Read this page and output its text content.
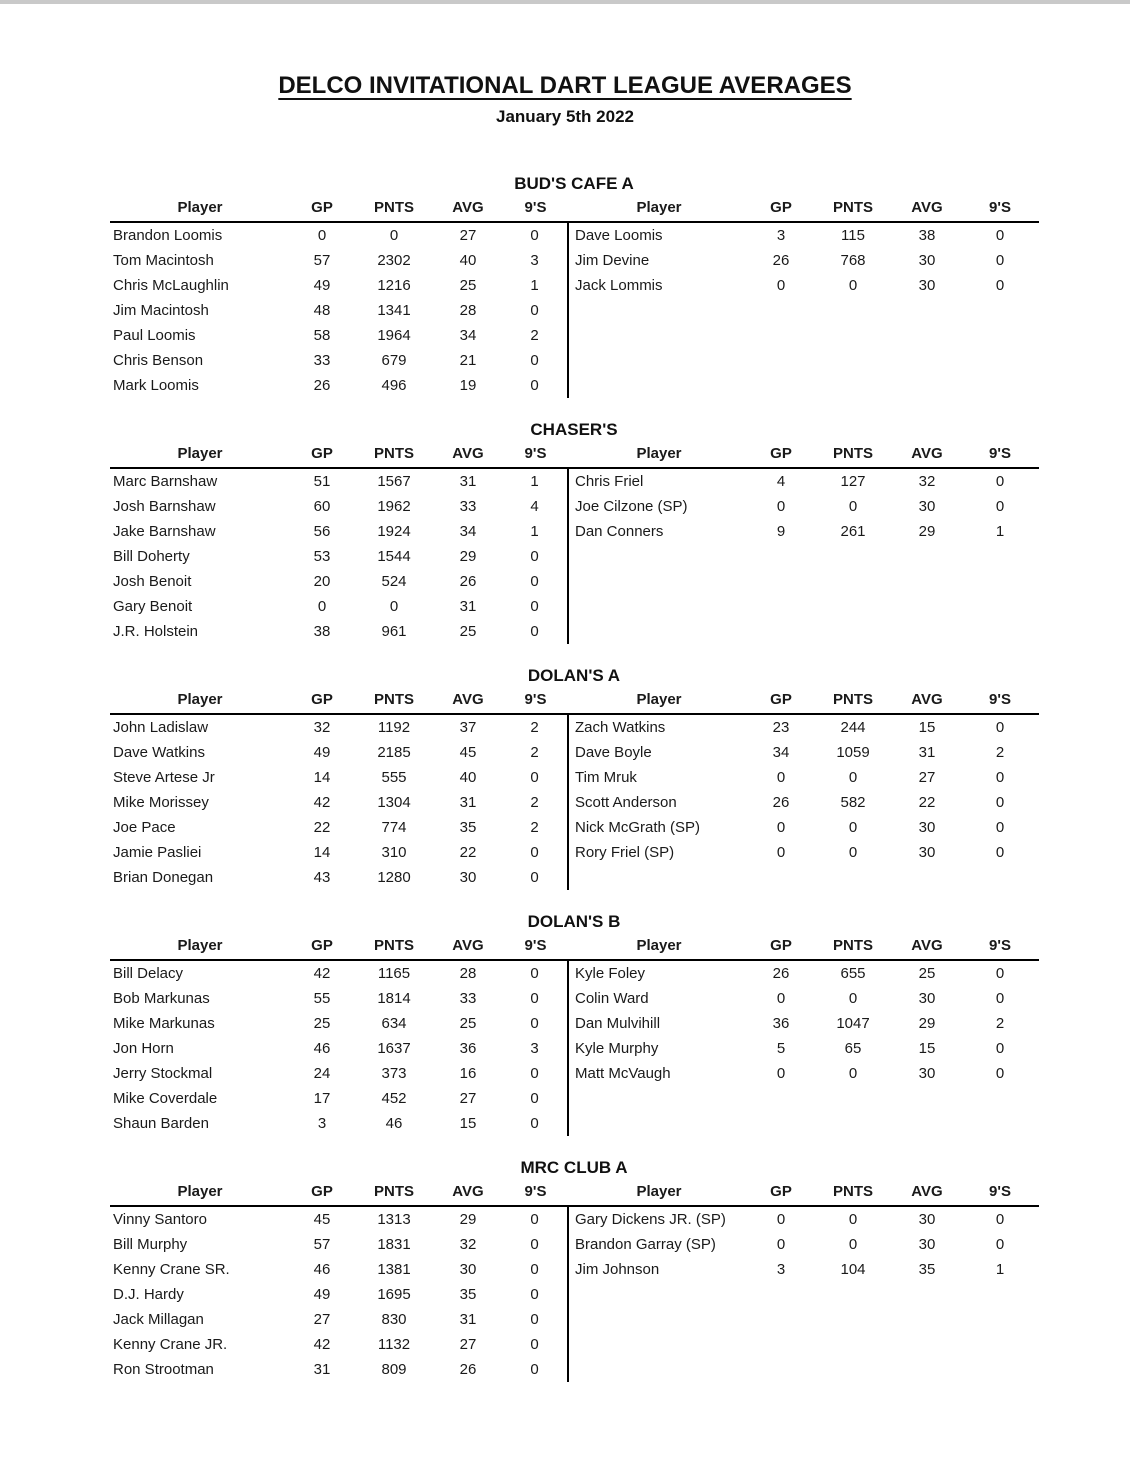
DELCO INVITATIONAL DART LEAGUE AVERAGES
January 5th 2022
BUD'S CAFE A
Player	GP	PNTS	AVG	9'S
Brandon Loomis	0	0	27	0
Tom Macintosh	57	2302	40	3
Chris McLaughlin	49	1216	25	1
Jim Macintosh	48	1341	28	0
Paul Loomis	58	1964	34	2
Chris Benson	33	679	21	0
Mark Loomis	26	496	19	0
Player	GP	PNTS	AVG	9'S
Dave Loomis	3	115	38	0
Jim Devine	26	768	30	0
Jack Lommis	0	0	30	0
CHASER'S
Player	GP	PNTS	AVG	9'S
Marc Barnshaw	51	1567	31	1
Josh Barnshaw	60	1962	33	4
Jake Barnshaw	56	1924	34	1
Bill Doherty	53	1544	29	0
Josh Benoit	20	524	26	0
Gary Benoit	0	0	31	0
J.R. Holstein	38	961	25	0
Player	GP	PNTS	AVG	9'S
Chris Friel	4	127	32	0
Joe Cilzone (SP)	0	0	30	0
Dan Conners	9	261	29	1
DOLAN'S A
Player	GP	PNTS	AVG	9'S
John Ladislaw	32	1192	37	2
Dave Watkins	49	2185	45	2
Steve Artese Jr	14	555	40	0
Mike Morissey	42	1304	31	2
Joe Pace	22	774	35	2
Jamie Pasliei	14	310	22	0
Brian Donegan	43	1280	30	0
Player	GP	PNTS	AVG	9'S
Zach Watkins	23	244	15	0
Dave Boyle	34	1059	31	2
Tim Mruk	0	0	27	0
Scott Anderson	26	582	22	0
Nick McGrath (SP)	0	0	30	0
Rory Friel (SP)	0	0	30	0
DOLAN'S B
Player	GP	PNTS	AVG	9'S
Bill Delacy	42	1165	28	0
Bob Markunas	55	1814	33	0
Mike Markunas	25	634	25	0
Jon Horn	46	1637	36	3
Jerry Stockmal	24	373	16	0
Mike Coverdale	17	452	27	0
Shaun Barden	3	46	15	0
Player	GP	PNTS	AVG	9'S
Kyle Foley	26	655	25	0
Colin Ward	0	0	30	0
Dan Mulvihill	36	1047	29	2
Kyle Murphy	5	65	15	0
Matt McVaugh	0	0	30	0
MRC CLUB A
Player	GP	PNTS	AVG	9'S
Vinny Santoro	45	1313	29	0
Bill Murphy	57	1831	32	0
Kenny Crane SR.	46	1381	30	0
D.J. Hardy	49	1695	35	0
Jack Millagan	27	830	31	0
Kenny Crane JR.	42	1132	27	0
Ron Strootman	31	809	26	0
Player	GP	PNTS	AVG	9'S
Gary Dickens JR. (SP)	0	0	30	0
Brandon Garray (SP)	0	0	30	0
Jim Johnson	3	104	35	1
